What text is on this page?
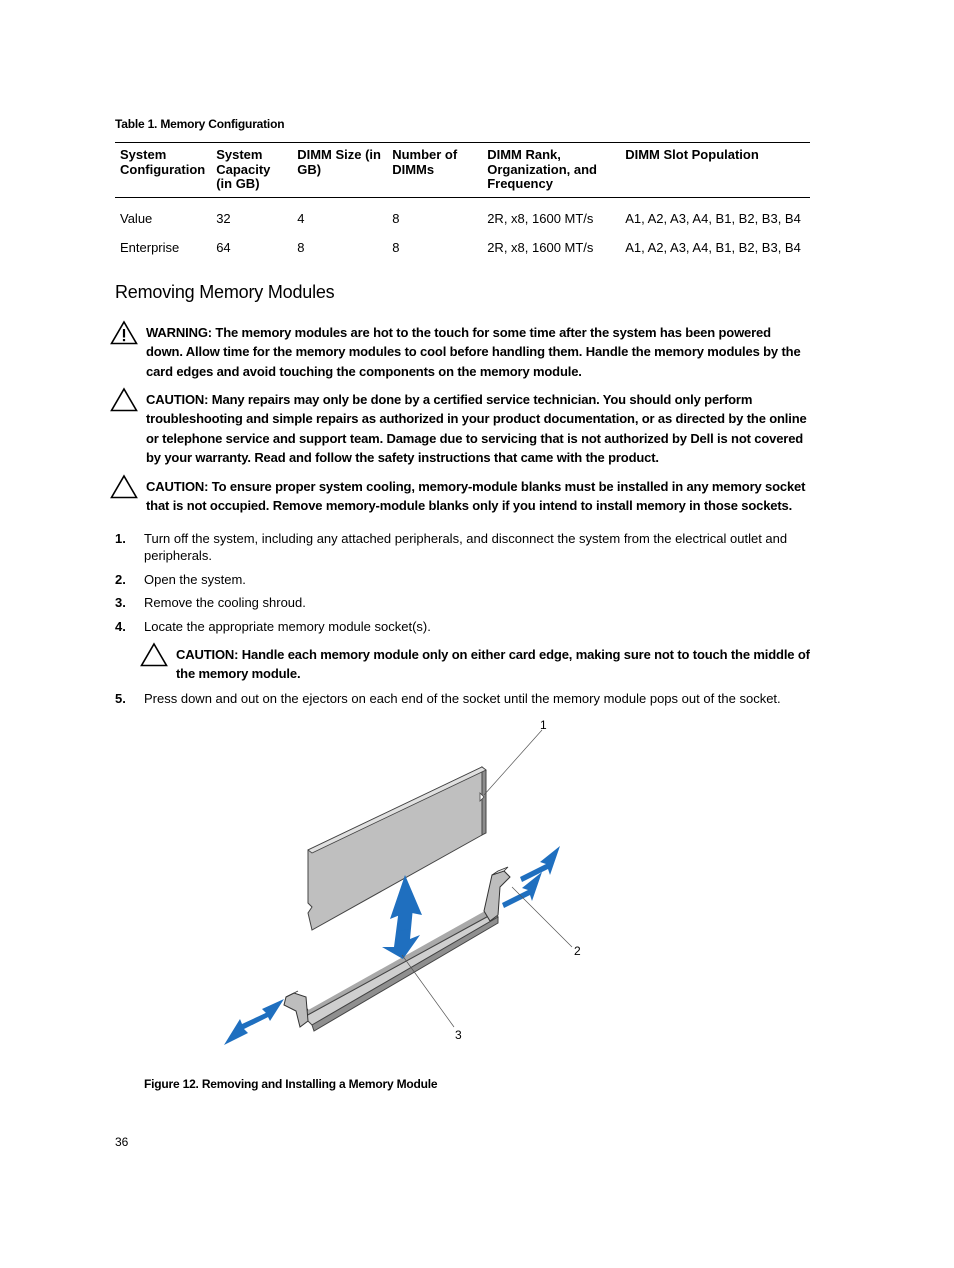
Table 1. Memory Configuration
System Configuration	System Capacity (in GB)	DIMM Size (in GB)	Number of DIMMs	DIMM Rank, Organization, and Frequency	DIMM Slot Population
Value	32	4	8	2R, x8, 1600 MT/s	A1, A2, A3, A4, B1, B2, B3, B4
Enterprise	64	8	8	2R, x8, 1600 MT/s	A1, A2, A3, A4, B1, B2, B3, B4
Removing Memory Modules
WARNING: The memory modules are hot to the touch for some time after the system has been powered down. Allow time for the memory modules to cool before handling them. Handle the memory modules by the card edges and avoid touching the components on the memory module.
CAUTION: Many repairs may only be done by a certified service technician. You should only perform troubleshooting and simple repairs as authorized in your product documentation, or as directed by the online or telephone service and support team. Damage due to servicing that is not authorized by Dell is not covered by your warranty. Read and follow the safety instructions that came with the product.
CAUTION: To ensure proper system cooling, memory-module blanks must be installed in any memory socket that is not occupied. Remove memory-module blanks only if you intend to install memory in those sockets.
1. Turn off the system, including any attached peripherals, and disconnect the system from the electrical outlet and peripherals.
2. Open the system.
3. Remove the cooling shroud.
4. Locate the appropriate memory module socket(s).
CAUTION: Handle each memory module only on either card edge, making sure not to touch the middle of the memory module.
5. Press down and out on the ejectors on each end of the socket until the memory module pops out of the socket.
1
2
3
Figure 12. Removing and Installing a Memory Module
36
